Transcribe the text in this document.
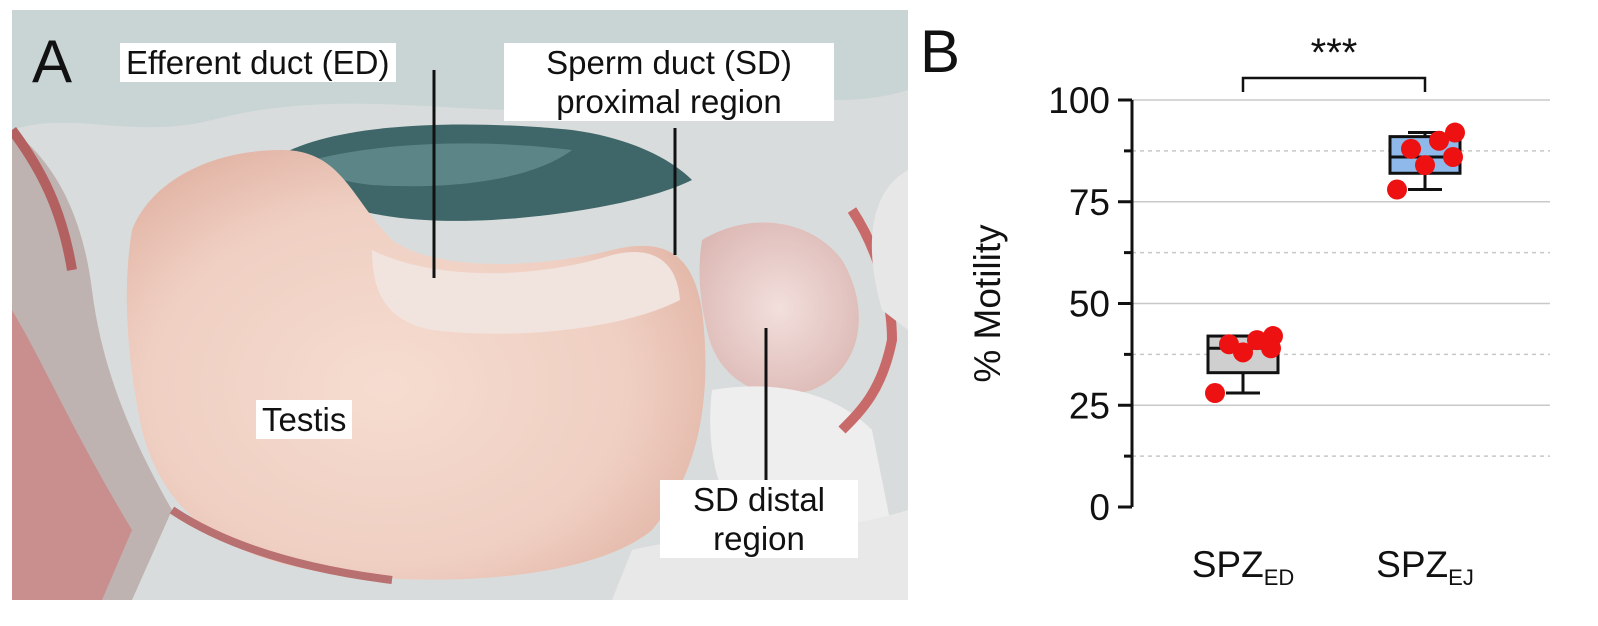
A Efferent duct (ED)	Sperm duct (SD)
proximal region
Testis
SD distal
region
B
0
25
50
75
100
% Motility
$SPZ_{ED}$ $SPZ_{EJ}$
***
